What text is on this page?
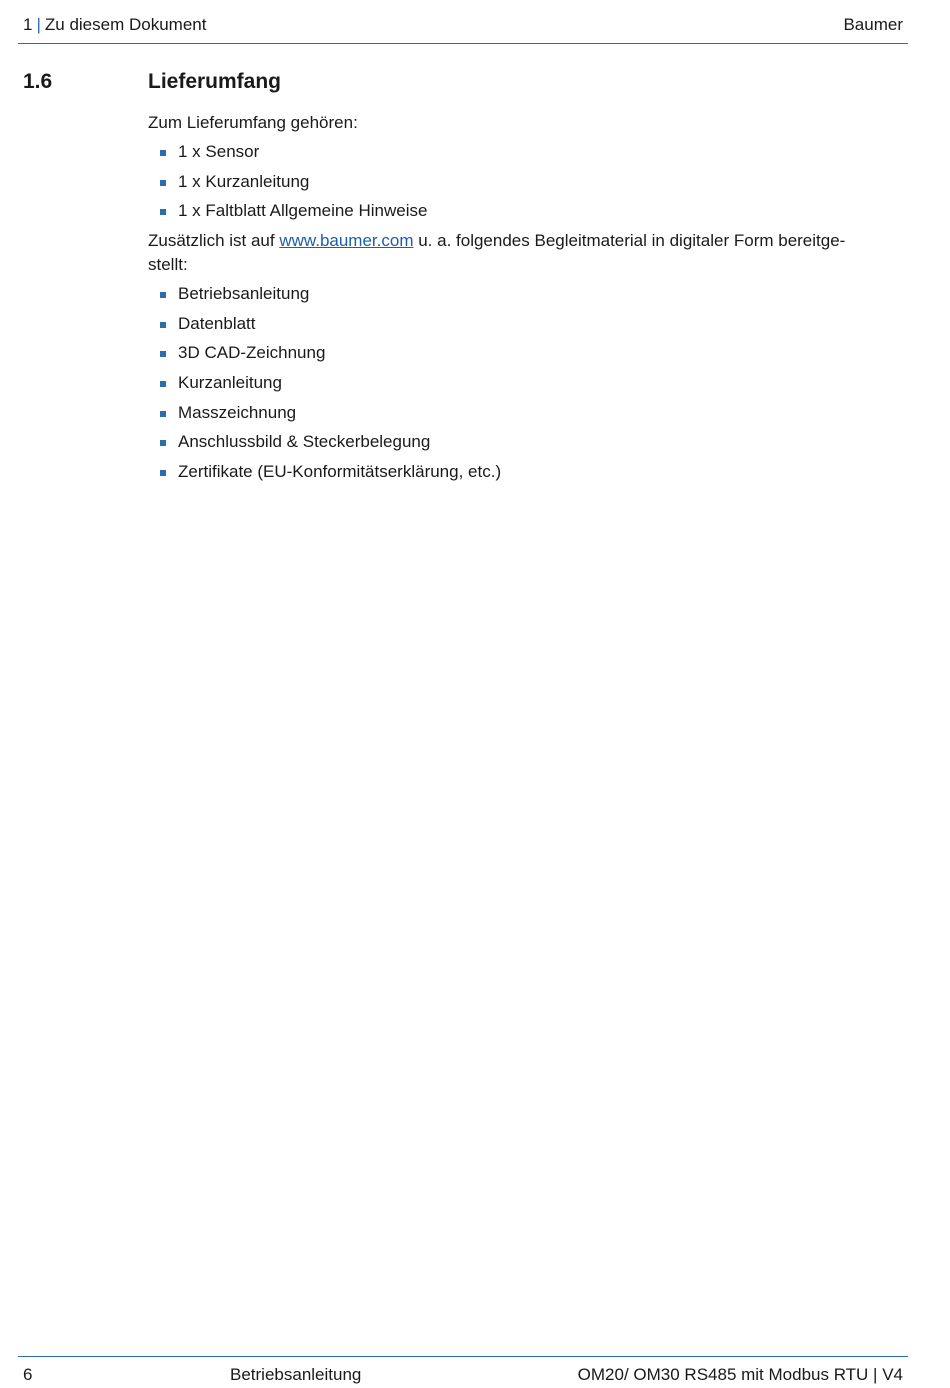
1 | Zu diesem Dokument	Baumer
1.6	Lieferumfang

Zum Lieferumfang gehören:

1 x Sensor
1 x Kurzanleitung
1 x Faltblatt Allgemeine Hinweise

Zusätzlich ist auf www.baumer.com u. a. folgendes Begleitmaterial in digitaler Form bereitge-
stellt:

Betriebsanleitung
Datenblatt
3D CAD-Zeichnung
Kurzanleitung
Masszeichnung
Anschlussbild & Steckerbelegung
Zertifikate (EU-Konformitätserklärung, etc.)
6	Betriebsanleitung	OM20/ OM30 RS485 mit Modbus RTU | V4
